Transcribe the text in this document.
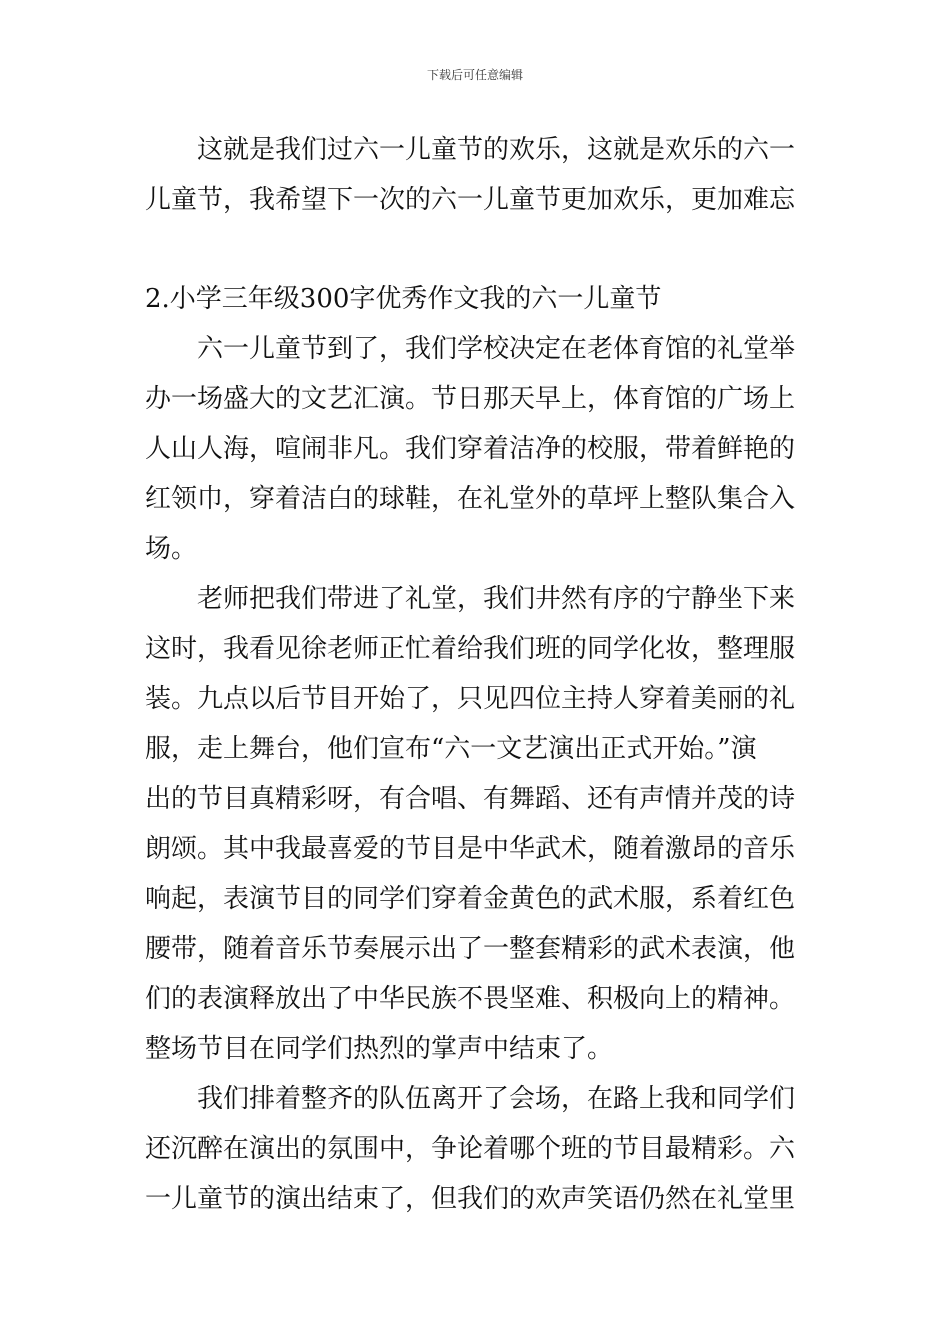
下载后可任意编辑
　　这就是我们过六一儿童节的欢乐，这就是欢乐的六一
儿童节，我希望下一次的六一儿童节更加欢乐，更加难忘
2.小学三年级300字优秀作文我的六一儿童节
　　六一儿童节到了，我们学校决定在老体育馆的礼堂举
办一场盛大的文艺汇演。节日那天早上，体育馆的广场上
人山人海，喧闹非凡。我们穿着洁净的校服，带着鲜艳的
红领巾，穿着洁白的球鞋，在礼堂外的草坪上整队集合入
场。
　　老师把我们带进了礼堂，我们井然有序的宁静坐下来
这时，我看见徐老师正忙着给我们班的同学化妆，整理服
装。九点以后节目开始了，只见四位主持人穿着美丽的礼
服，走上舞台，他们宣布“六一文艺演出正式开始。”演
出的节目真精彩呀，有合唱、有舞蹈、还有声情并茂的诗
朗颂。其中我最喜爱的节目是中华武术，随着激昂的音乐
响起，表演节目的同学们穿着金黄色的武术服，系着红色
腰带，随着音乐节奏展示出了一整套精彩的武术表演，他
们的表演释放出了中华民族不畏坚难、积极向上的精神。
整场节目在同学们热烈的掌声中结束了。
　　我们排着整齐的队伍离开了会场，在路上我和同学们
还沉醉在演出的氛围中，争论着哪个班的节目最精彩。六
一儿童节的演出结束了，但我们的欢声笑语仍然在礼堂里
